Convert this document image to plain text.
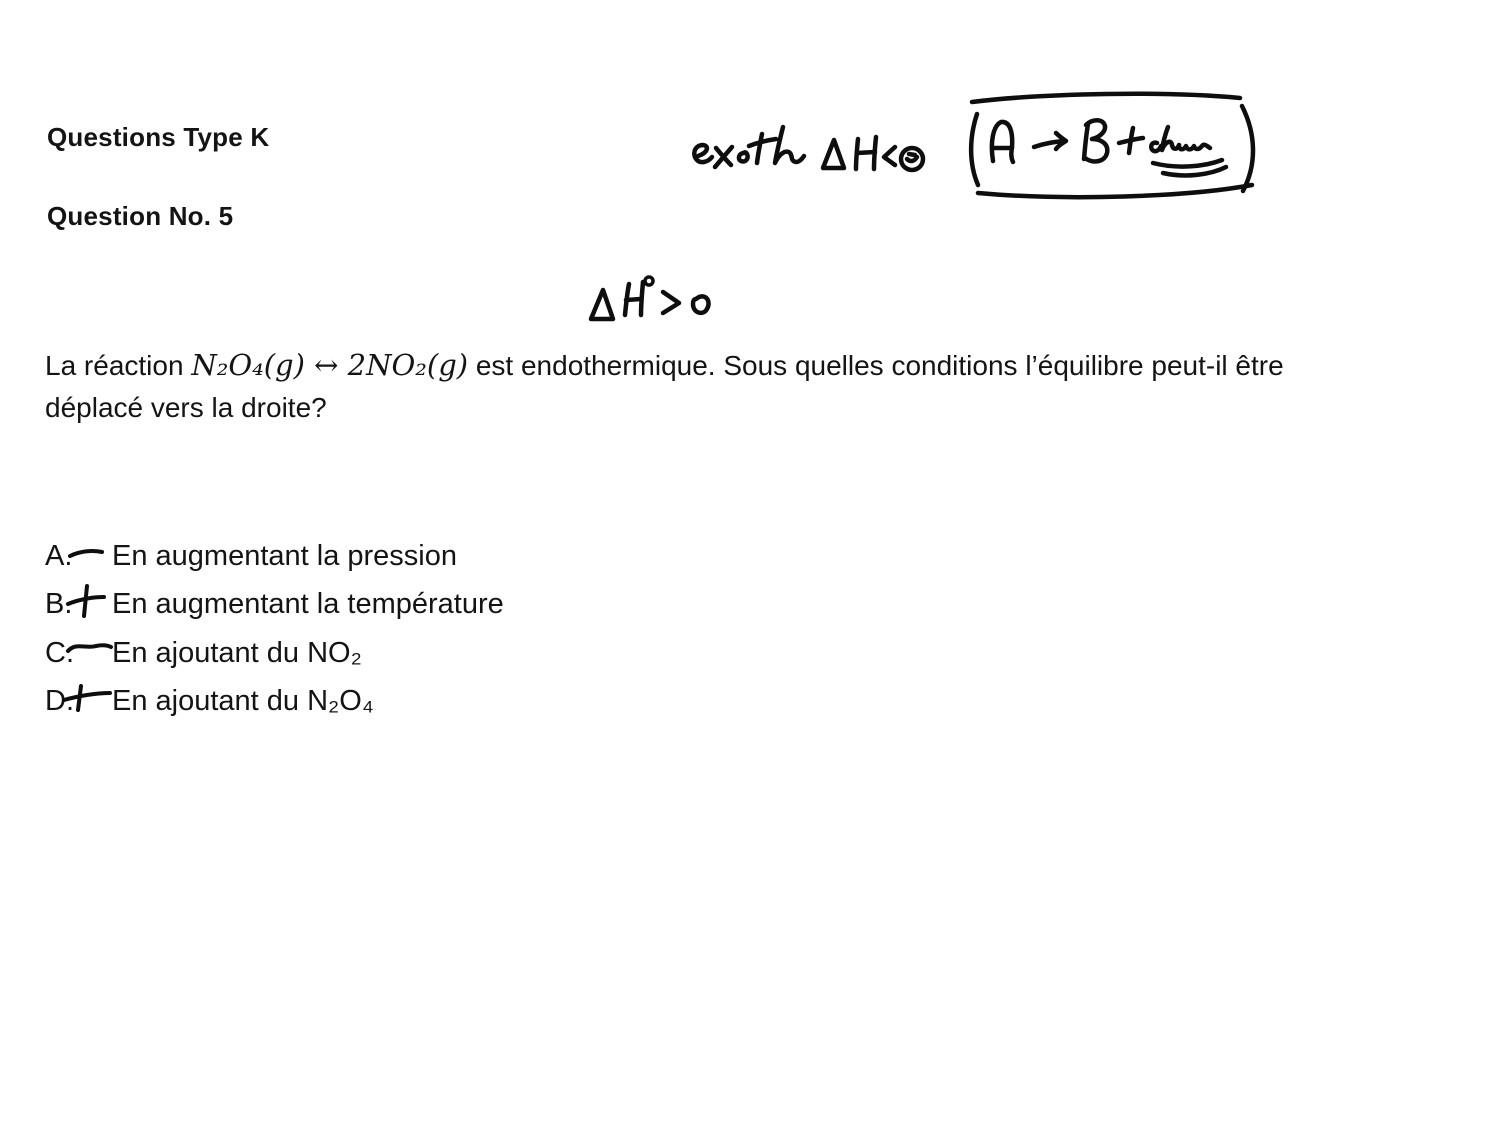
Questions Type K
Question No. 5
La réaction N₂O₄(g) ↔ 2NO₂(g) est endothermique. Sous quelles conditions l’équilibre peut-il être
déplacé vers la droite?
A. En augmentant la pression
B. En augmentant la température
C. En ajoutant du NO₂
D. En ajoutant du N₂O₄
